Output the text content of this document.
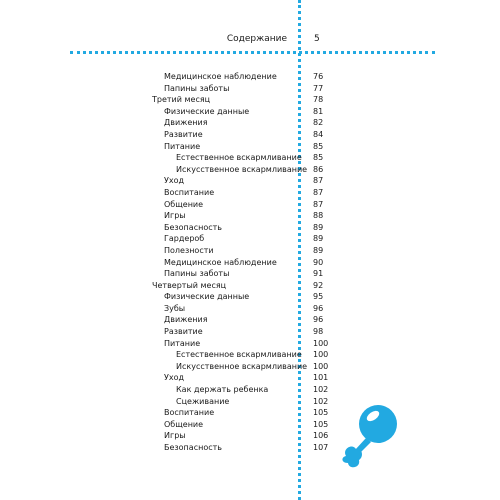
Содержание	5
Медицинское наблюдение	76
Папины заботы	77
Третий месяц	78
Физические данные	81
Движения	82
Развитие	84
Питание	85
Естественное вскармливание 85
Искусственное вскармливание 86
Уход	87
Воспитание	87
Общение	87
Игры	88
Безопасность	89
Гардероб	89
Полезности	89
Медицинское наблюдение	90
Папины заботы	91
Четвертый месяц	92
Физические данные	95
Зубы	96
Движения	96
Развитие	98
Питание	100
Естественное вскармливание 100
Искусственное вскармливание 100
Уход	101
Как держать ребенка	102
Сцеживание	102
Воспитание	105
Общение	105
Игры	106
Безопасность	107
